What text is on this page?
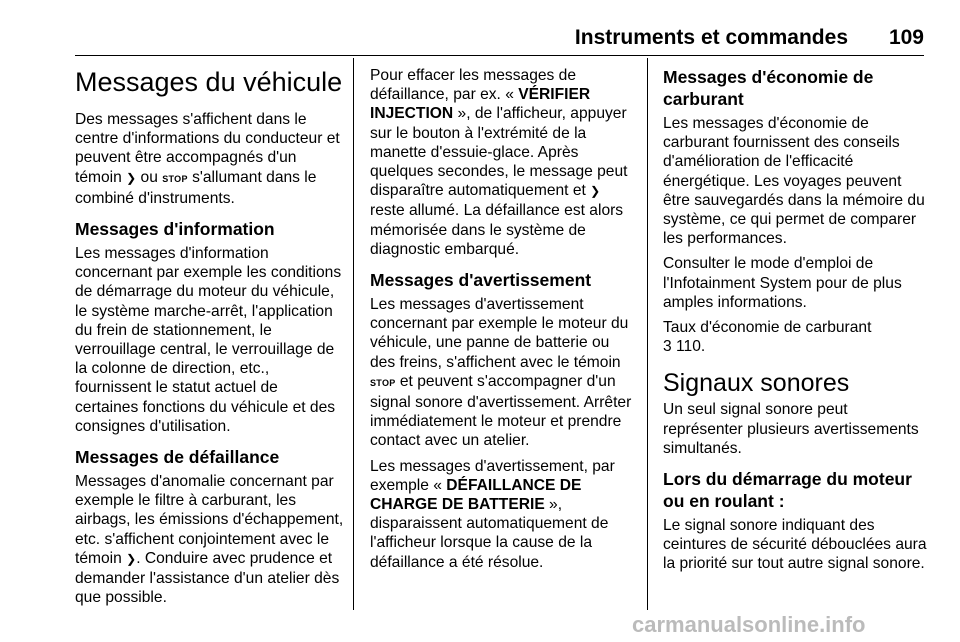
Instruments et commandes 109
Messages du véhicule

Des messages s'affichent dans le centre d'informations du conducteur et peuvent être accompagnés d'un témoin ❯ ou STOP s'allumant dans le combiné d'instruments.

Messages d'information

Les messages d'information concernant par exemple les conditions de démarrage du moteur du véhicule, le système marche-arrêt, l'application du frein de stationnement, le verrouillage central, le verrouillage de la colonne de direction, etc., fournissent le statut actuel de certaines fonctions du véhicule et des consignes d'utilisation.

Messages de défaillance

Messages d'anomalie concernant par exemple le filtre à carburant, les airbags, les émissions d'échappement, etc. s'affichent conjointement avec le témoin ❯. Conduire avec prudence et demander l'assistance d'un atelier dès que possible.

Pour effacer les messages de défaillance, par ex. « VÉRIFIER INJECTION », de l'afficheur, appuyer sur le bouton à l'extrémité de la manette d'essuie-glace. Après quelques secondes, le message peut disparaître automatiquement et ❯ reste allumé. La défaillance est alors mémorisée dans le système de diagnostic embarqué.

Messages d'avertissement

Les messages d'avertissement concernant par exemple le moteur du véhicule, une panne de batterie ou des freins, s'affichent avec le témoin STOP et peuvent s'accompagner d'un signal sonore d'avertissement. Arrêter immédiatement le moteur et prendre contact avec un atelier.

Les messages d'avertissement, par exemple « DÉFAILLANCE DE CHARGE DE BATTERIE », disparaissent automatiquement de l'afficheur lorsque la cause de la défaillance a été résolue.

Messages d'économie de carburant

Les messages d'économie de carburant fournissent des conseils d'amélioration de l'efficacité énergétique. Les voyages peuvent être sauvegardés dans la mémoire du système, ce qui permet de comparer les performances.

Consulter le mode d'emploi de l'Infotainment System pour de plus amples informations.

Taux d'économie de carburant
3 110.

Signaux sonores

Un seul signal sonore peut représenter plusieurs avertissements simultanés.

Lors du démarrage du moteur ou en roulant :

Le signal sonore indiquant des ceintures de sécurité débouclées aura la priorité sur tout autre signal sonore.

carmanualsonline.info
